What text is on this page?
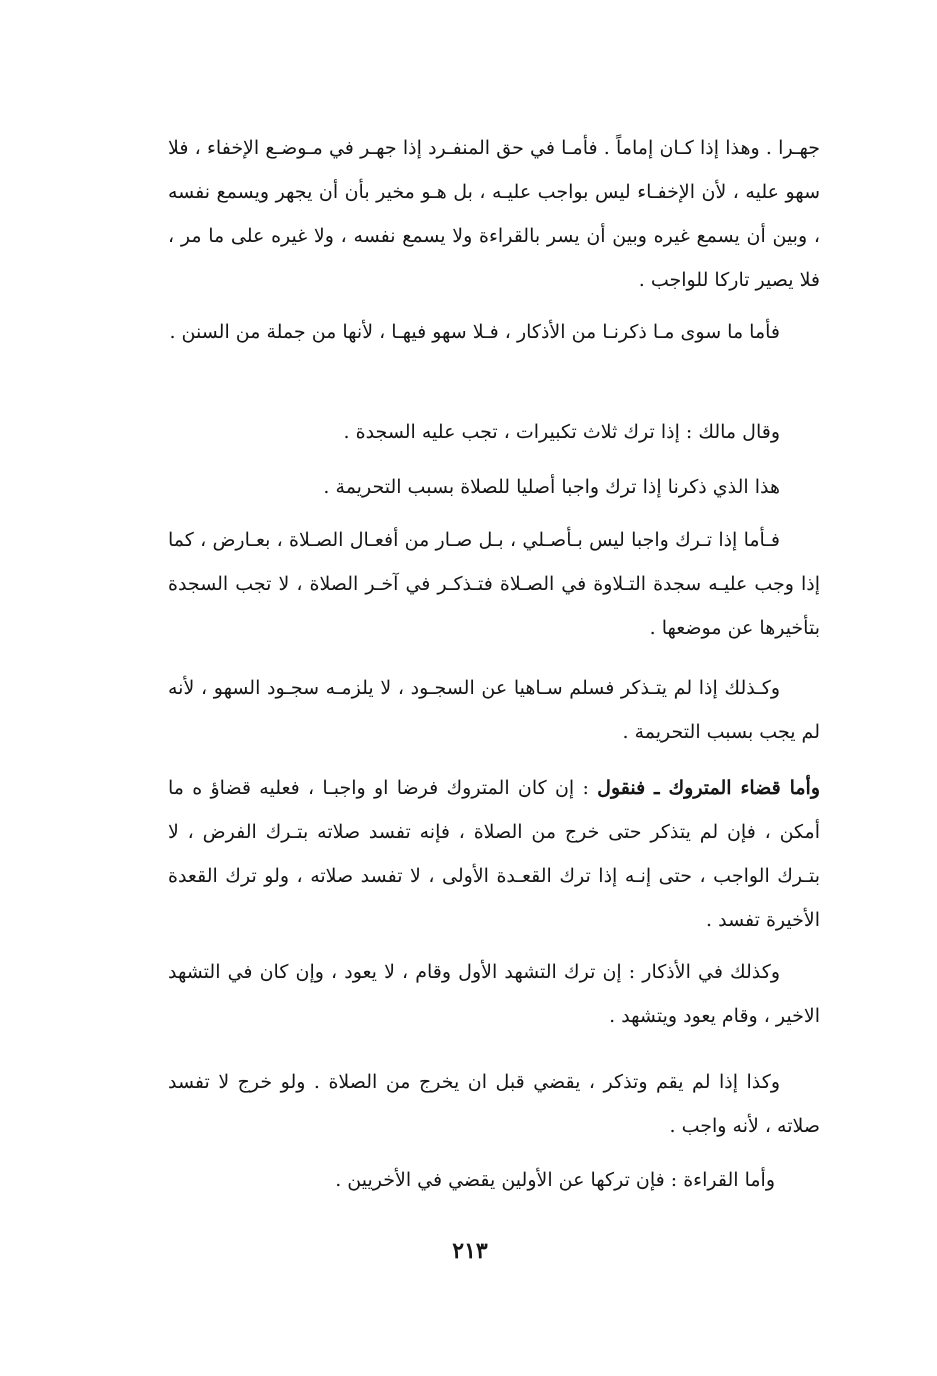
جهـرا . وهذا إذا كـان إماماً . فأمـا في حق المنفـرد إذا جهـر في مـوضـع الإخفاء ، فلا سهو عليه ، لأن الإخفـاء ليس بواجب عليـه ، بل هـو مخير بأن أن يجهر ويسمع نفسه ، وبين أن يسمع غيره وبين أن يسر بالقراءة ولا يسمع نفسه ، ولا غيره على ما مر ، فلا يصير تاركا للواجب .
فأما ما سوى مـا ذكرنـا من الأذكار ، فـلا سهو فيهـا ، لأنها من جملة من السنن .
وقال مالك : إذا ترك ثلاث تكبيرات ، تجب عليه السجدة .
هذا الذي ذكرنا إذا ترك واجبا أصليا للصلاة بسبب التحريمة .
فـأما إذا تـرك واجبا ليس بـأصـلي ، بـل صـار من أفعـال الصـلاة ، بعـارض ، كما إذا وجب عليـه سجدة التـلاوة في الصـلاة فتـذكـر في آخـر الصلاة ، لا تجب السجدة بتأخيرها عن موضعها .
وكـذلك إذا لم يتـذكر فسلم سـاهيا عن السجـود ، لا يلزمـه سجـود السهو ، لأنه لم يجب بسبب التحريمة .
وأما قضاء المتروك ـ فنقول : إن كان المتروك فرضا او واجبـا ، فعليه قضاؤ ه ما أمكن ، فإن لم يتذكر حتى خرج من الصلاة ، فإنه تفسد صلاته بتـرك الفرض ، لا بتـرك الواجب ، حتى إنـه إذا ترك القعـدة الأولى ، لا تفسد صلاته ، ولو ترك القعدة الأخيرة تفسد .
وكذلك في الأذكار : إن ترك التشهد الأول وقام ، لا يعود ، وإن كان في التشهد الاخير ، وقام يعود ويتشهد .
وكذا إذا لم يقم وتذكر ، يقضي قبل ان يخرج من الصلاة . ولو خرج لا تفسد صلاته ، لأنه واجب .
وأما القراءة : فإن تركها عن الأولين يقضي في الأخريين .
٢١٣
